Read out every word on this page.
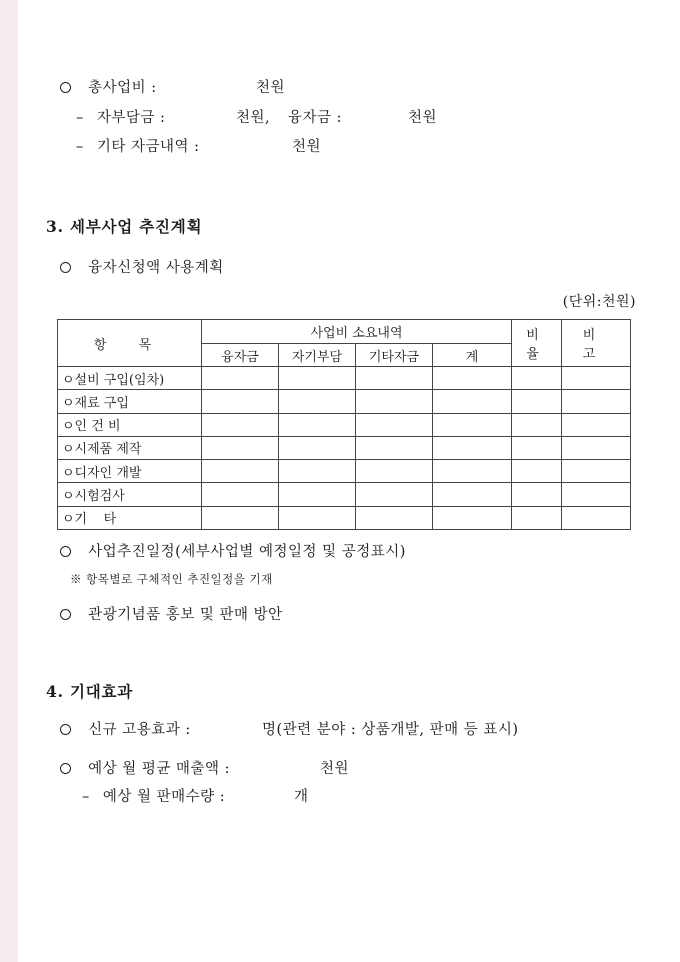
총사업비 :	천원
– 자부담금 :	천원, 융자금 :	천원
– 기타 자금내역 :	천원
3. 세부사업 추진계획
융자신청액 사용계획
(단위:천원)
항 목	사업비 소요내역				비 율	비 고
	융자금	자기부담	기타자금	계		
ㅇ설비 구입(임차)						
ㅇ재료 구입						
ㅇ인 건 비						
ㅇ시제품 제작						
ㅇ디자인 개발						
ㅇ시험검사						
ㅇ기    타						
사업추진일정(세부사업별 예정일정 및 공정표시)
※ 항목별로 구체적인 추진일정을 기재
관광기념품 홍보 및 판매 방안
4. 기대효과
신규 고용효과 :	명(관련 분야 : 상품개발, 판매 등 표시)
예상 월 평균 매출액 :	천원
– 예상 월 판매수량 :	개
